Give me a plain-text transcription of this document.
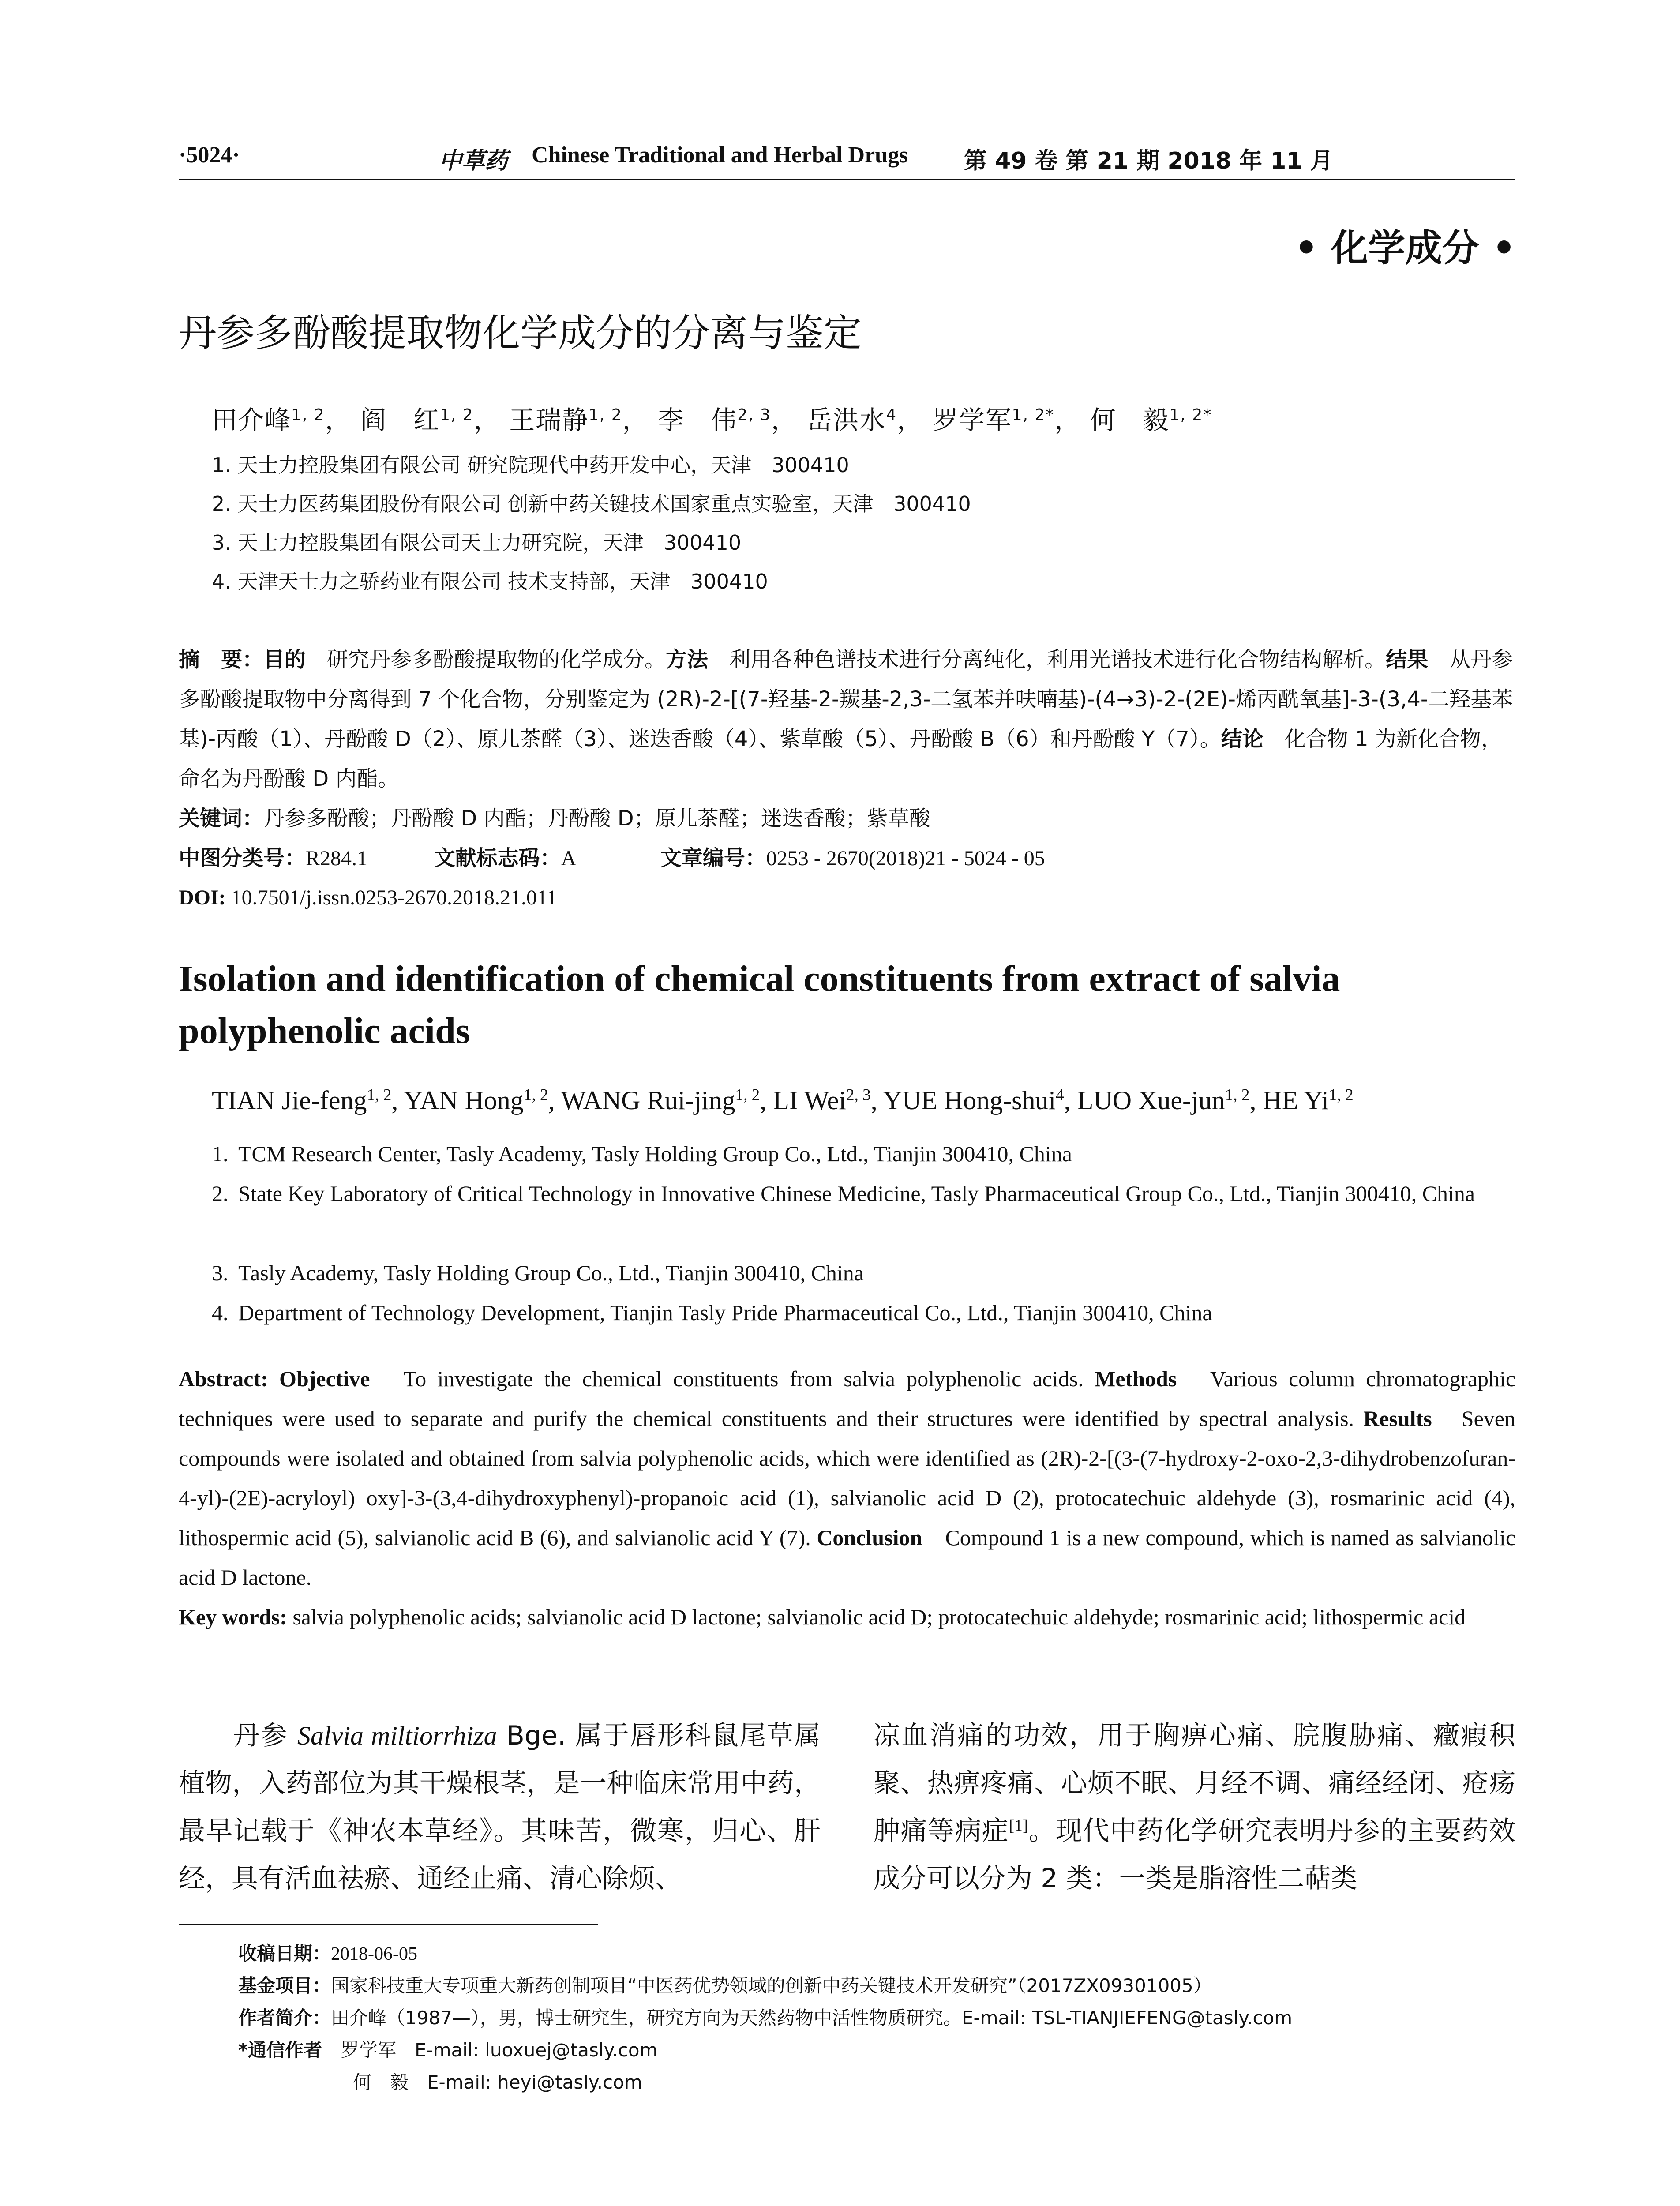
·5024·	中草药 Chinese Traditional and Herbal Drugs 第 49 卷 第 21 期 2018 年 11 月
• 化学成分 •
丹参多酚酸提取物化学成分的分离与鉴定
田介峰$^{1, 2}$， 阎　红$^{1, 2}$， 王瑞静$^{1, 2}$， 李　伟$^{2, 3}$， 岳洪水$^4$， 罗学军$^{1, 2*}$， 何　毅$^{1, 2*}$
1. 天士力控股集团有限公司 研究院现代中药开发中心，天津　300410
2. 天士力医药集团股份有限公司 创新中药关键技术国家重点实验室，天津　300410
3. 天士力控股集团有限公司天士力研究院，天津　300410
4. 天津天士力之骄药业有限公司 技术支持部，天津　300410
摘　要：目的　研究丹参多酚酸提取物的化学成分。方法　利用各种色谱技术进行分离纯化，利用光谱技术进行化合物结构解析。结果　从丹参多酚酸提取物中分离得到 7 个化合物，分别鉴定为 (2R)-2-[(7-羟基-2-羰基-2,3-二氢苯并呋喃基)-(4→3)-2-(2E)-烯丙酰氧基]-3-(3,4-二羟基苯基)-丙酸（1）、丹酚酸 D（2）、原儿茶醛（3）、迷迭香酸（4）、紫草酸（5）、丹酚酸 B（6）和丹酚酸 Y（7）。结论　化合物 1 为新化合物，命名为丹酚酸 D 内酯。
关键词：丹参多酚酸；丹酚酸 D 内酯；丹酚酸 D；原儿茶醛；迷迭香酸；紫草酸
中图分类号：R284.1	文献标志码：A	文章编号：0253 - 2670(2018)21 - 5024 - 05
DOI: 10.7501/j.issn.0253-2670.2018.21.011
Isolation and identification of chemical constituents from extract of salvia polyphenolic acids
TIAN Jie-feng$^{1, 2}$, YAN Hong$^{1, 2}$, WANG Rui-jing$^{1, 2}$, LI Wei$^{2, 3}$, YUE Hong-shui$^4$, LUO Xue-jun$^{1, 2}$, HE Yi$^{1, 2}$
1. TCM Research Center, Tasly Academy, Tasly Holding Group Co., Ltd., Tianjin 300410, China
2. State Key Laboratory of Critical Technology in Innovative Chinese Medicine, Tasly Pharmaceutical Group Co., Ltd., Tianjin 300410, China
3. Tasly Academy, Tasly Holding Group Co., Ltd., Tianjin 300410, China
4. Department of Technology Development, Tianjin Tasly Pride Pharmaceutical Co., Ltd., Tianjin 300410, China
Abstract: Objective　To investigate the chemical constituents from salvia polyphenolic acids. Methods　Various column chromatographic techniques were used to separate and purify the chemical constituents and their structures were identified by spectral analysis. Results　Seven compounds were isolated and obtained from salvia polyphenolic acids, which were identified as (2R)-2-[(3-(7-hydroxy-2-oxo-2,3-dihydrobenzofuran-4-yl)-(2E)-acryloyl) oxy]-3-(3,4-dihydroxyphenyl)-propanoic acid (1), salvianolic acid D (2), protocatechuic aldehyde (3), rosmarinic acid (4), lithospermic acid (5), salvianolic acid B (6), and salvianolic acid Y (7). Conclusion　Compound 1 is a new compound, which is named as salvianolic acid D lactone.
Key words: salvia polyphenolic acids; salvianolic acid D lactone; salvianolic acid D; protocatechuic aldehyde; rosmarinic acid; lithospermic acid
　　丹参 Salvia miltiorrhiza Bge. 属于唇形科鼠尾草属植物，入药部位为其干燥根茎，是一种临床常用中药，最早记载于《神农本草经》。其味苦，微寒，归心、肝经，具有活血祛瘀、通经止痛、清心除烦、
凉血消痛的功效，用于胸痹心痛、脘腹胁痛、癥瘕积聚、热痹疼痛、心烦不眠、月经不调、痛经经闭、疮疡肿痛等病症[1]。现代中药化学研究表明丹参的主要药效成分可以分为 2 类：一类是脂溶性二萜类
收稿日期：2018-06-05
基金项目：国家科技重大专项重大新药创制项目“中医药优势领域的创新中药关键技术开发研究”（2017ZX09301005）
作者简介：田介峰（1987—），男，博士研究生，研究方向为天然药物中活性物质研究。E-mail: TSL-TIANJIEFENG@tasly.com
*通信作者　罗学军　E-mail: luoxuej@tasly.com
何　毅　E-mail: heyi@tasly.com
